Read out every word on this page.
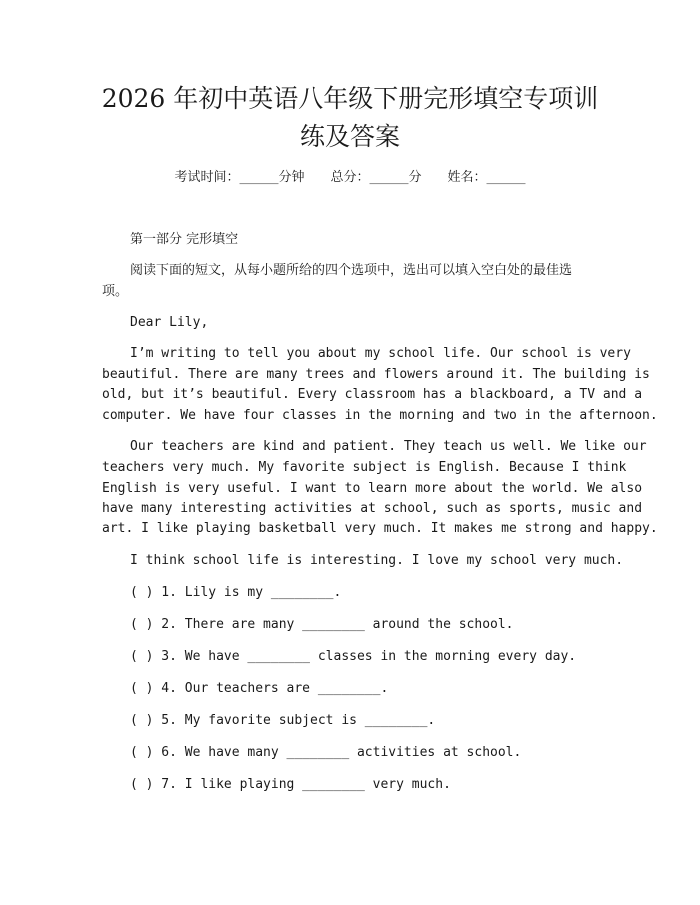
2026 年初中英语八年级下册完形填空专项训
练及答案
考试时间：______分钟 总分：______分 姓名：______
第一部分 完形填空
阅读下面的短文，从每小题所给的四个选项中，选出可以填入空白处的最佳选
项。
Dear Lily,
I’m writing to tell you about my school life. Our school is very
beautiful. There are many trees and flowers around it. The building is
old, but it’s beautiful. Every classroom has a blackboard, a TV and a
computer. We have four classes in the morning and two in the afternoon.
Our teachers are kind and patient. They teach us well. We like our
teachers very much. My favorite subject is English. Because I think
English is very useful. I want to learn more about the world. We also
have many interesting activities at school, such as sports, music and
art. I like playing basketball very much. It makes me strong and happy.
I think school life is interesting. I love my school very much.
( ) 1. Lily is my ________.
( ) 2. There are many ________ around the school.
( ) 3. We have ________ classes in the morning every day.
( ) 4. Our teachers are ________.
( ) 5. My favorite subject is ________.
( ) 6. We have many ________ activities at school.
( ) 7. I like playing ________ very much.
